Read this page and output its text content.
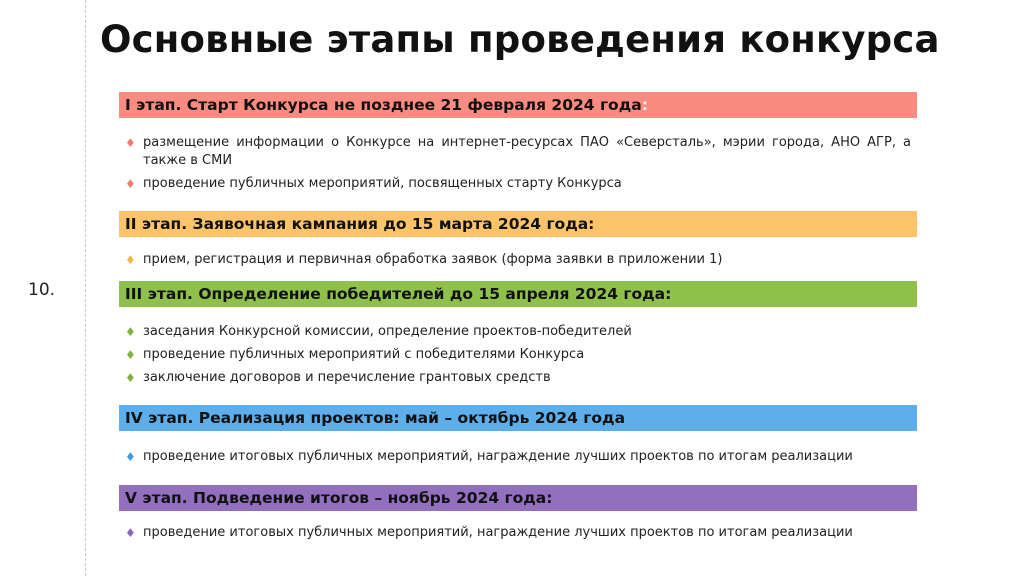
10.
Основные этапы проведения конкурса
I этап. Старт Конкурса не позднее 21 февраля 2024 года:
♦ размещение информации о Конкурсе на интернет-ресурсах ПАО «Северсталь», мэрии города, АНО АГР, а также в СМИ
♦ проведение публичных мероприятий, посвященных старту Конкурса
II этап. Заявочная кампания до 15 марта 2024 года:
♦ прием, регистрация и первичная обработка заявок (форма заявки в приложении 1)
III этап. Определение победителей до 15 апреля 2024 года:
♦ заседания Конкурсной комиссии, определение проектов-победителей
♦ проведение публичных мероприятий с победителями Конкурса
♦ заключение договоров и перечисление грантовых средств
IV этап. Реализация проектов: май – октябрь 2024 года
♦ проведение итоговых публичных мероприятий, награждение лучших проектов по итогам реализации
V этап. Подведение итогов – ноябрь 2024 года:
♦ проведение итоговых публичных мероприятий, награждение лучших проектов по итогам реализации
